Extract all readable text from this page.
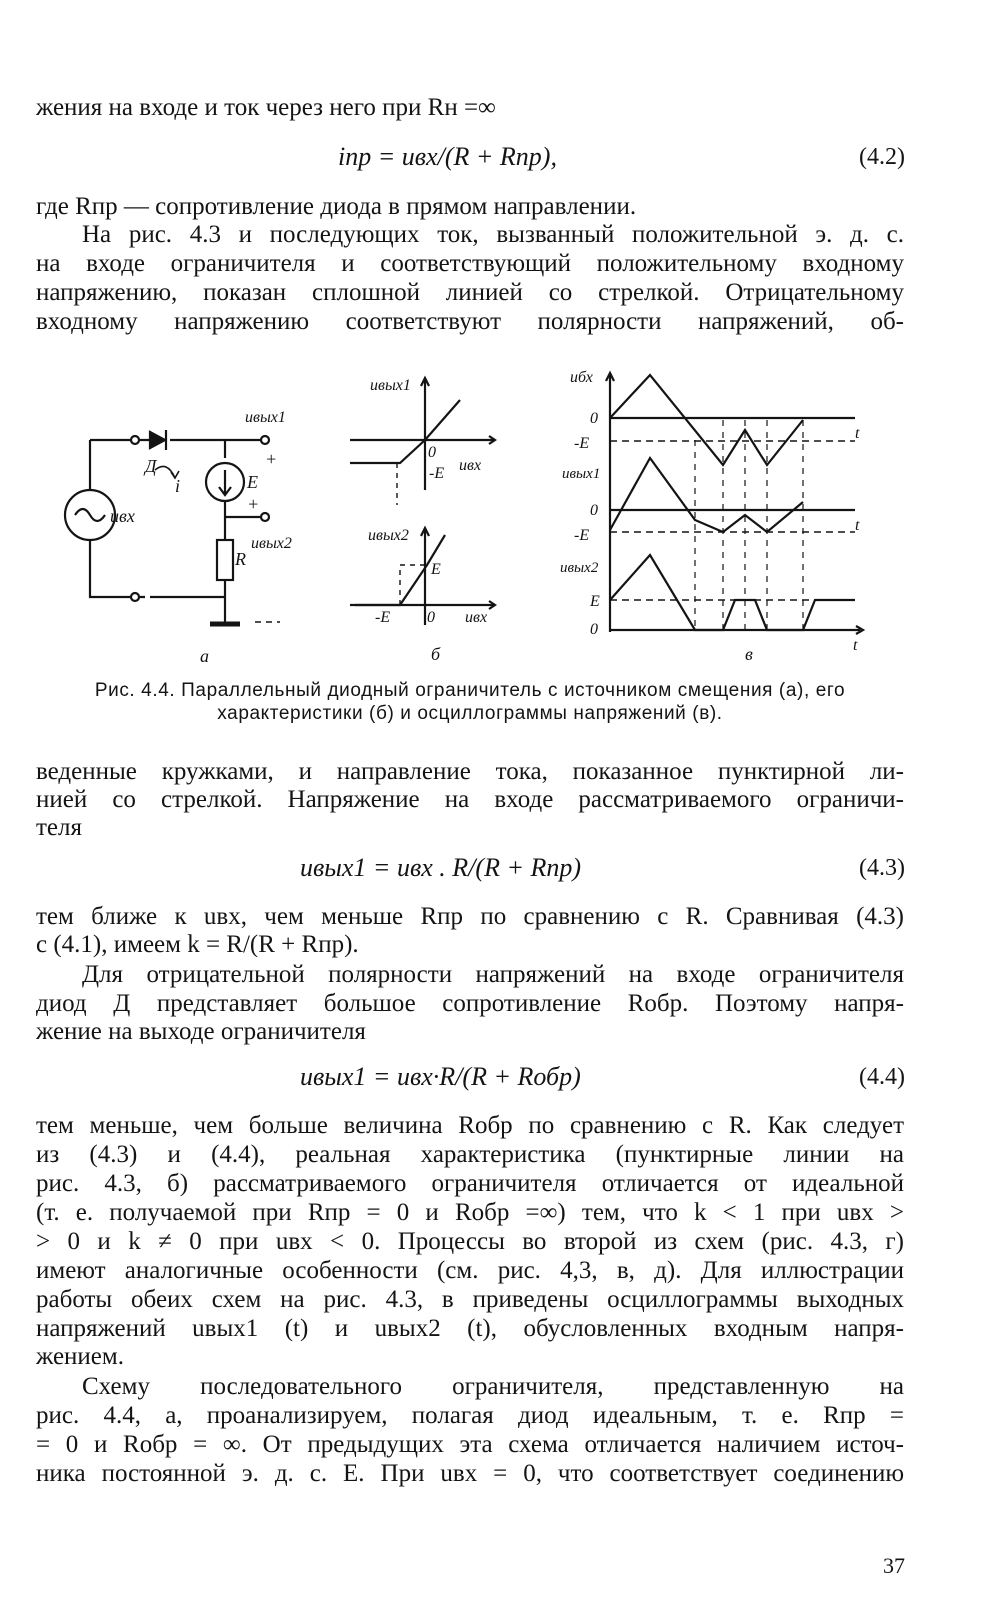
жения на входе и ток через него при Rн =∞
iпр = uвх/(R + Rпр),	(4.2)
где Rпр — сопротивление диода в прямом направлении.
На рис. 4.3 и последующих ток, вызванный положительной э. д. с.
на входе ограничителя и соответствующий положительному входному
напряжению, показан сплошной линией со стрелкой. Отрицательному
входному напряжению соответствуют полярности напряжений, об-
uвх
Д
i	E
uвых1
uвых2
R
+
+
uвых1
uвх
0
-E
uвых2
E
-E 0 uвх
uбх
0
-E
t
uвых1
0
-E
t
uвых2
E
0
t
а	б	в
Рис. 4.4. Параллельный диодный ограничитель с источником смещения (а), его
характеристики (б) и осциллограммы напряжений (в).
веденные кружками, и направление тока, показанное пунктирной ли-
нией со стрелкой. Напряжение на входе рассматриваемого ограничи-
теля
uвых1 = uвх . R/(R + Rпр)	(4.3)
тем ближе к uвх, чем меньше Rпр по сравнению с R. Сравнивая (4.3)
с (4.1), имеем k = R/(R + Rпр).
Для отрицательной полярности напряжений на входе ограничителя
диод Д представляет большое сопротивление Rобр. Поэтому напря-
жение на выходе ограничителя
uвых1 = uвх·R/(R + Rобр)	(4.4)
тем меньше, чем больше величина Rобр по сравнению с R. Как следует
из (4.3) и (4.4), реальная характеристика (пунктирные линии на
рис. 4.3, б) рассматриваемого ограничителя отличается от идеальной
(т. е. получаемой при Rпр = 0 и Rобр =∞) тем, что k < 1 при uвх >
> 0 и k ≠ 0 при uвх < 0. Процессы во второй из схем (рис. 4.3, г)
имеют аналогичные особенности (см. рис. 4,3, в, д). Для иллюстрации
работы обеих схем на рис. 4.3, в приведены осциллограммы выходных
напряжений uвых1 (t) и uвых2 (t), обусловленных входным напря-
жением.
Схему последовательного ограничителя, представленную на
рис. 4.4, а, проанализируем, полагая диод идеальным, т. е. Rпр =
= 0 и Rобр = ∞. От предыдущих эта схема отличается наличием источ-
ника постоянной э. д. с. E. При uвх = 0, что соответствует соединению
37
